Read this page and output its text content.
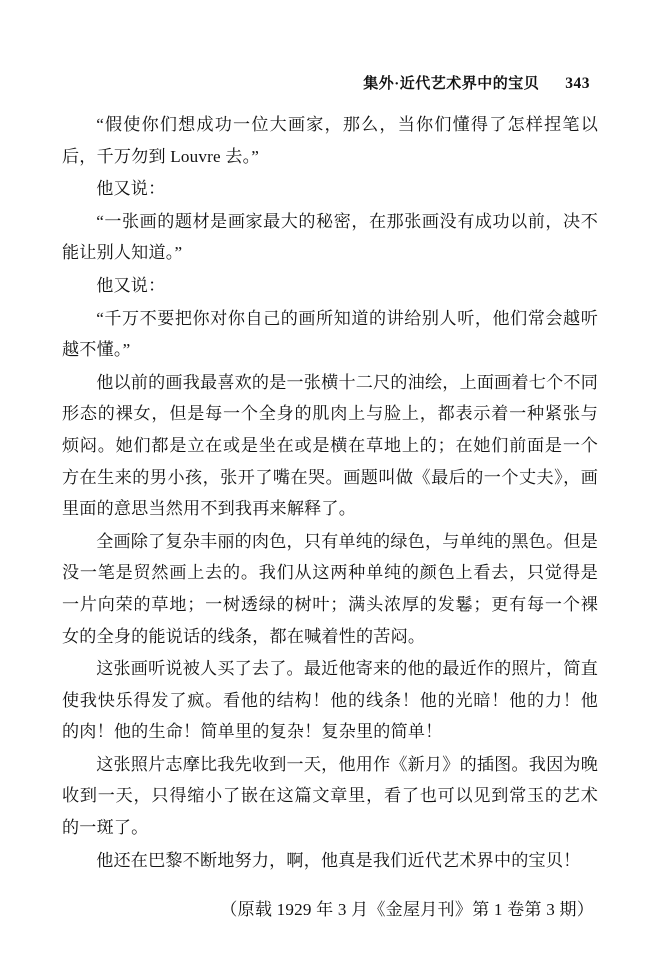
集外·近代艺术界中的宝贝 343

“假使你们想成功一位大画家，那么，当你们懂得了怎样捏笔以后，千万勿到 Louvre 去。”

他又说：

“一张画的题材是画家最大的秘密，在那张画没有成功以前，决不能让别人知道。”

他又说：

“千万不要把你对你自己的画所知道的讲给别人听，他们常会越听越不懂。”

他以前的画我最喜欢的是一张横十二尺的油绘，上面画着七个不同形态的裸女，但是每一个全身的肌肉上与脸上，都表示着一种紧张与烦闷。她们都是立在或是坐在或是横在草地上的；在她们前面是一个方在生来的男小孩，张开了嘴在哭。画题叫做《最后的一个丈夫》，画里面的意思当然用不到我再来解释了。

全画除了复杂丰丽的肉色，只有单纯的绿色，与单纯的黑色。但是没一笔是贸然画上去的。我们从这两种单纯的颜色上看去，只觉得是一片向荣的草地；一树透绿的树叶；满头浓厚的发鬈；更有每一个裸女的全身的能说话的线条，都在喊着性的苦闷。

这张画听说被人买了去了。最近他寄来的他的最近作的照片，简直使我快乐得发了疯。看他的结构！他的线条！他的光暗！他的力！他的肉！他的生命！简单里的复杂！复杂里的简单！

这张照片志摩比我先收到一天，他用作《新月》的插图。我因为晚收到一天，只得缩小了嵌在这篇文章里，看了也可以见到常玉的艺术的一斑了。

他还在巴黎不断地努力，啊，他真是我们近代艺术界中的宝贝！

（原载 1929 年 3 月《金屋月刊》第 1 卷第 3 期）
